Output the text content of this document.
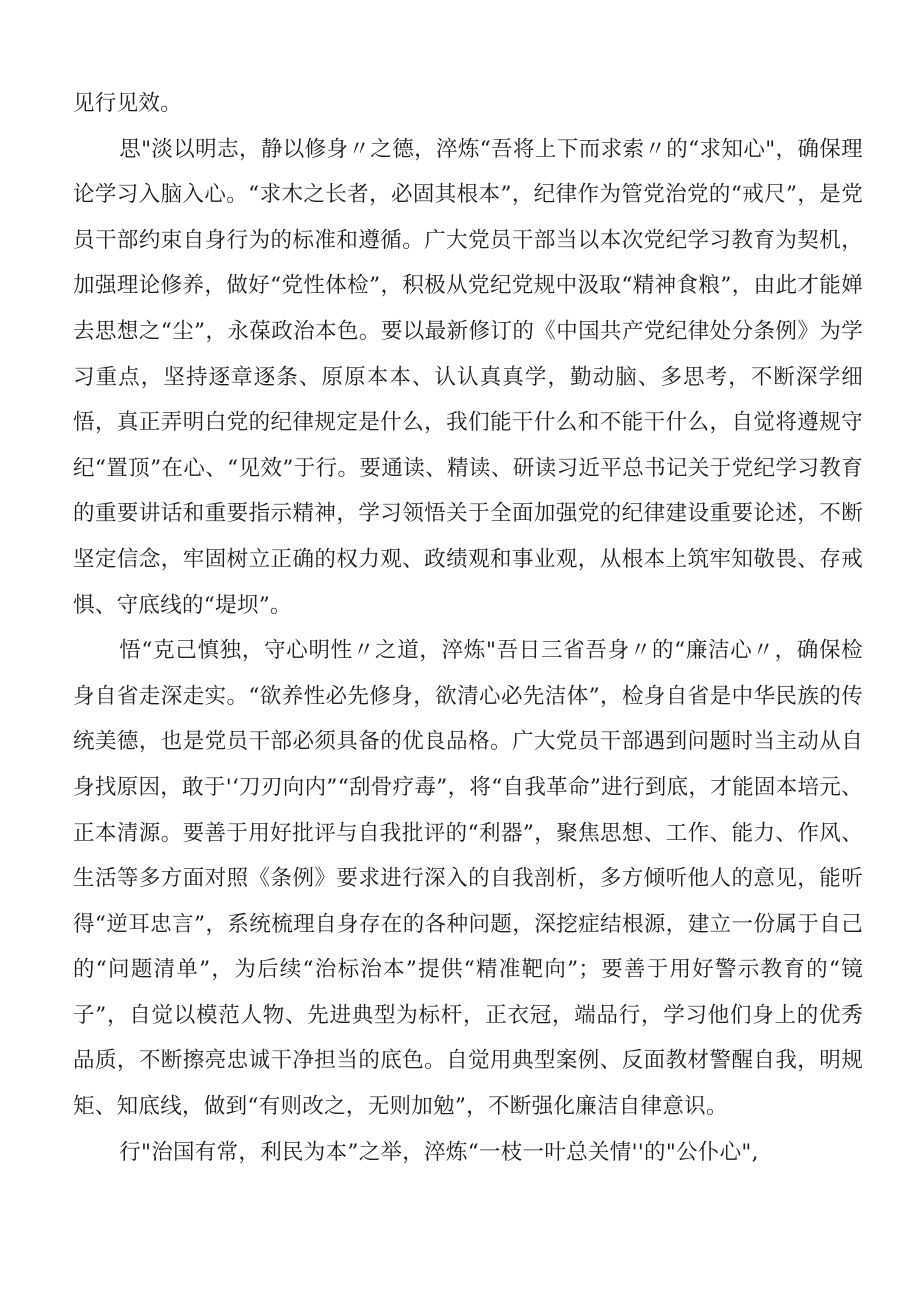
见行见效。

思"淡以明志，静以修身〃之德，淬炼“吾将上下而求索〃的“求知心"，确保理论学习入脑入心。“求木之长者，必固其根本”，纪律作为管党治党的“戒尺”，是党员干部约束自身行为的标准和遵循。广大党员干部当以本次党纪学习教育为契机，加强理论修养，做好“党性体检”，积极从党纪党规中汲取“精神食粮”，由此才能婵去思想之“尘”，永葆政治本色。要以最新修订的《中国共产党纪律处分条例》为学习重点，坚持逐章逐条、原原本本、认认真真学，勤动脑、多思考，不断深学细悟，真正弄明白党的纪律规定是什么，我们能干什么和不能干什么，自觉将遵规守纪“置顶”在心、“见效”于行。要通读、精读、研读习近平总书记关于党纪学习教育的重要讲话和重要指示精神，学习领悟关于全面加强党的纪律建设重要论述，不断坚定信念，牢固树立正确的权力观、政绩观和事业观，从根本上筑牢知敬畏、存戒惧、守底线的“堤坝”。

悟“克己慎独，守心明性〃之道，淬炼"吾日三省吾身〃的“廉洁心〃，确保检身自省走深走实。“欲养性必先修身，欲清心必先洁体”，检身自省是中华民族的传统美德，也是党员干部必须具备的优良品格。广大党员干部遇到问题时当主动从自身找原因，敢于'‘刀刃向内”“刮骨疗毒”，将“自我革命”进行到底，才能固本培元、正本清源。要善于用好批评与自我批评的“利器”，聚焦思想、工作、能力、作风、生活等多方面对照《条例》要求进行深入的自我剖析，多方倾听他人的意见，能听得“逆耳忠言”，系统梳理自身存在的各种问题，深挖症结根源，建立一份属于自己的“问题清单”，为后续“治标治本”提供“精准靶向”；要善于用好警示教育的“镜子”，自觉以模范人物、先进典型为标杆，正衣冠，端品行，学习他们身上的优秀品质，不断擦亮忠诚干净担当的底色。自觉用典型案例、反面教材警醒自我，明规矩、知底线，做到“有则改之，无则加勉”，不断强化廉洁自律意识。

行"治国有常，利民为本”之举，淬炼“一枝一叶总关情''的"公仆心",
